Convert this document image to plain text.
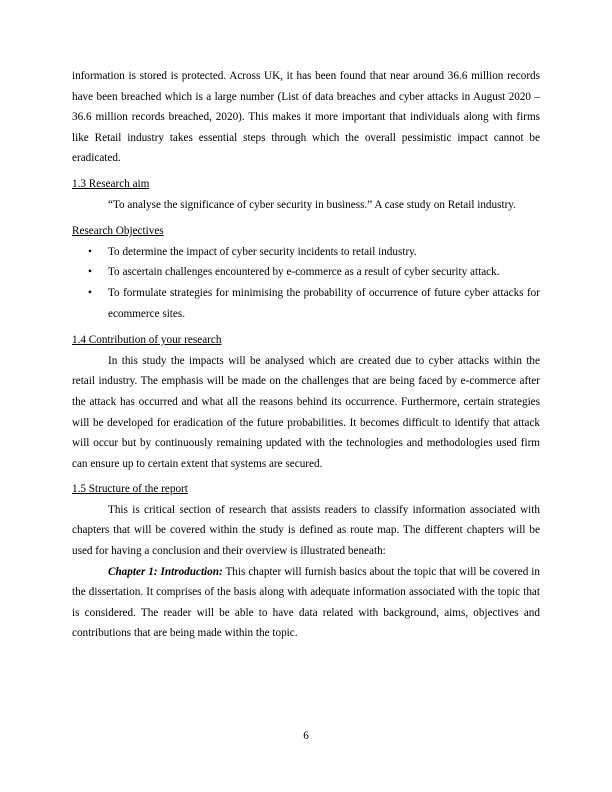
information is stored is protected. Across UK, it has been found that near around 36.6 million records have been breached which is a large number (List of data breaches and cyber attacks in August 2020 – 36.6 million records breached, 2020). This makes it more important that individuals along with firms like Retail industry takes essential steps through which the overall pessimistic impact cannot be eradicated.

1.3 Research aim

“To analyse the significance of cyber security in business.” A case study on Retail industry.

Research Objectives

• To determine the impact of cyber security incidents to retail industry.
• To ascertain challenges encountered by e-commerce as a result of cyber security attack.
• To formulate strategies for minimising the probability of occurrence of future cyber attacks for ecommerce sites.

1.4 Contribution of your research

In this study the impacts will be analysed which are created due to cyber attacks within the retail industry. The emphasis will be made on the challenges that are being faced by e-commerce after the attack has occurred and what all the reasons behind its occurrence. Furthermore, certain strategies will be developed for eradication of the future probabilities. It becomes difficult to identify that attack will occur but by continuously remaining updated with the technologies and methodologies used firm can ensure up to certain extent that systems are secured.

1.5 Structure of the report

This is critical section of research that assists readers to classify information associated with chapters that will be covered within the study is defined as route map. The different chapters will be used for having a conclusion and their overview is illustrated beneath:

Chapter 1: Introduction: This chapter will furnish basics about the topic that will be covered in the dissertation. It comprises of the basis along with adequate information associated with the topic that is considered. The reader will be able to have data related with background, aims, objectives and contributions that are being made within the topic.

6
